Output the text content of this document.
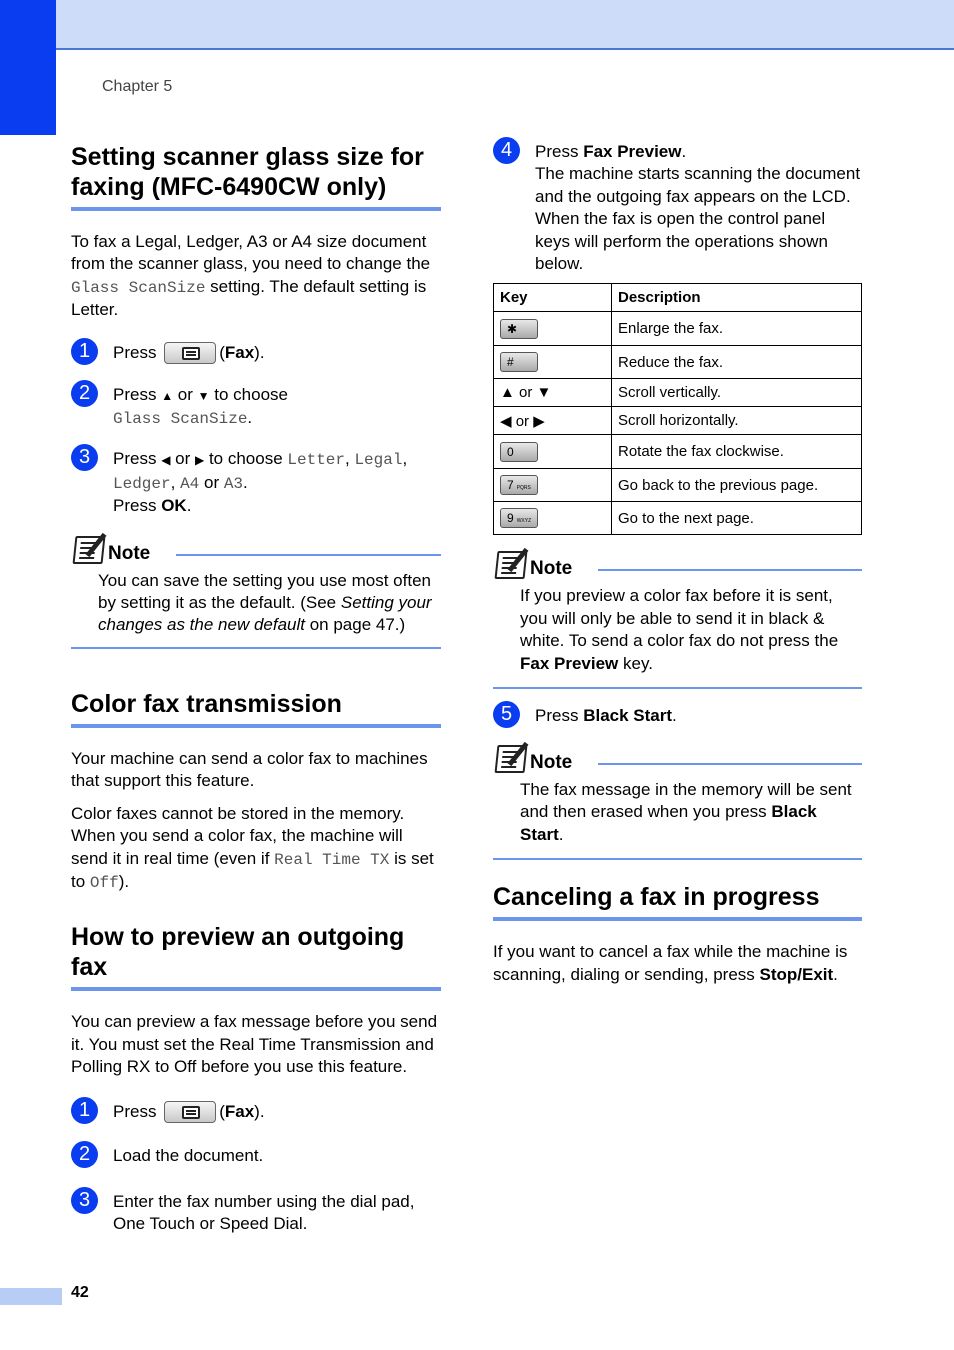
Chapter 5
Setting scanner glass size for faxing (MFC-6490CW only)

To fax a Legal, Ledger, A3 or A4 size document from the scanner glass, you need to change the Glass ScanSize setting. The default setting is Letter.

1	Press	(Fax).
2	Press ▲ or ▼ to choose
Glass ScanSize.
3	Press ◀ or ▶ to choose Letter, Legal,
Ledger, A4 or A3.
Press OK.
Note
You can save the setting you use most often by setting it as the default. (See Setting your changes as the new default on page 47.)
Color fax transmission

Your machine can send a color fax to machines that support this feature.

Color faxes cannot be stored in the memory. When you send a color fax, the machine will send it in real time (even if Real Time TX is set to Off).

How to preview an outgoing fax

You can preview a fax message before you send it. You must set the Real Time Transmission and Polling RX to Off before you use this feature.

1	Press	(Fax).
2	Load the document.
3	Enter the fax number using the dial pad, One Touch or Speed Dial.
4	Press Fax Preview.
The machine starts scanning the document and the outgoing fax appears on the LCD. When the fax is open the control panel keys will perform the operations shown below.
Key	Description
✱	Enlarge the fax.
#	Reduce the fax.
▲ or ▼	Scroll vertically.
◀ or ▶	Scroll horizontally.
0	Rotate the fax clockwise.
7 PQRS	Go back to the previous page.
9 WXYZ	Go to the next page.
Note
If you preview a color fax before it is sent, you will only be able to send it in black & white. To send a color fax do not press the Fax Preview key.
5	Press Black Start.
Note
The fax message in the memory will be sent and then erased when you press Black Start.
Canceling a fax in progress

If you want to cancel a fax while the machine is scanning, dialing or sending, press Stop/Exit.

42
